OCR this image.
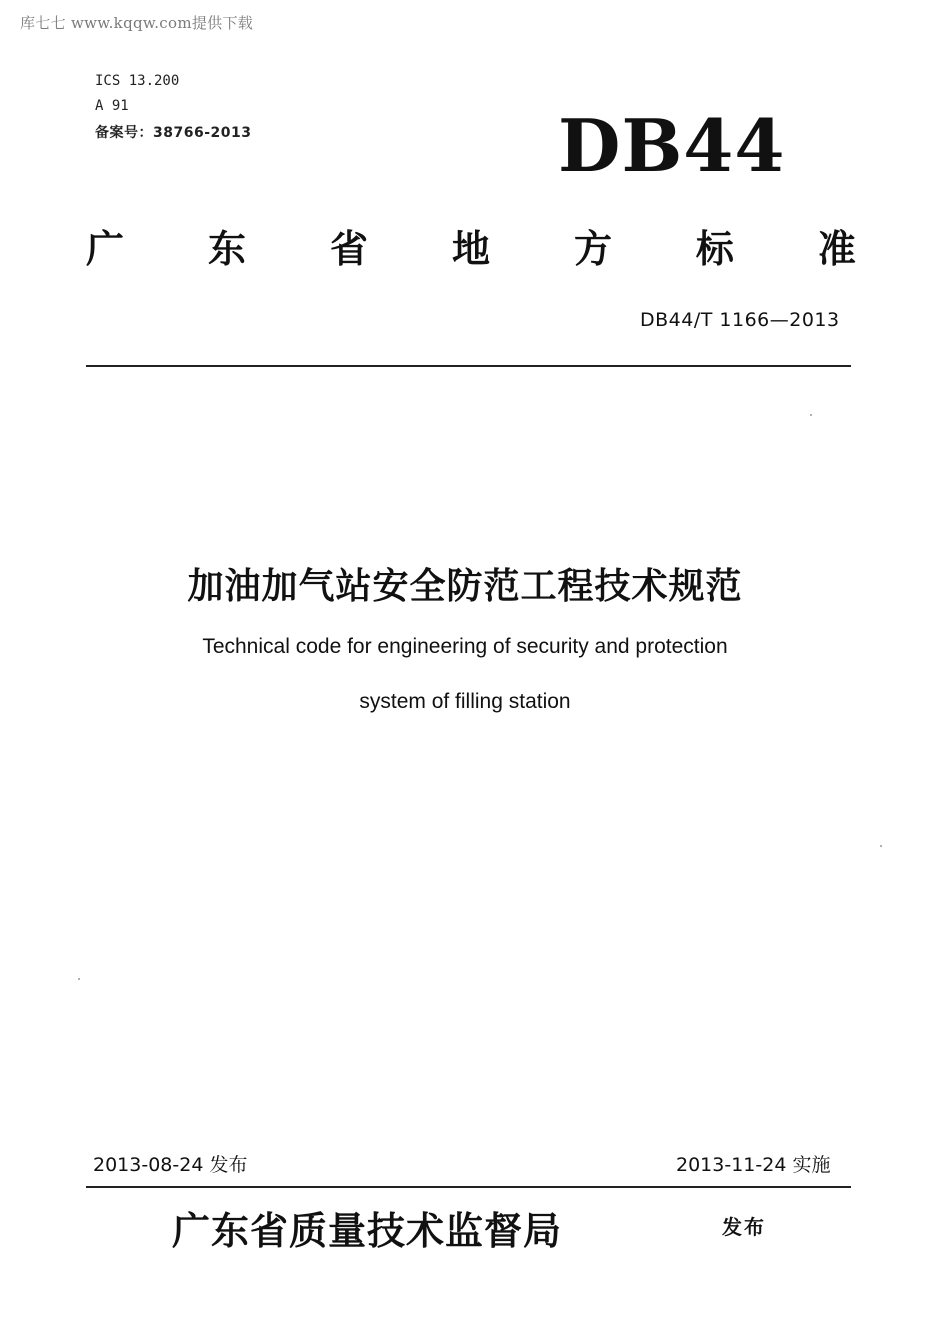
库七七 www.kqqw.com提供下载
ICS 13.200
A 91
备案号：38766-2013	DB44
广 东 省 地 方 标 准
DB44/T 1166—2013
加油加气站安全防范工程技术规范
Technical code for engineering of security and protection
system of filling station
2013-08-24 发布	2013-11-24 实施
广东省质量技术监督局	发布
